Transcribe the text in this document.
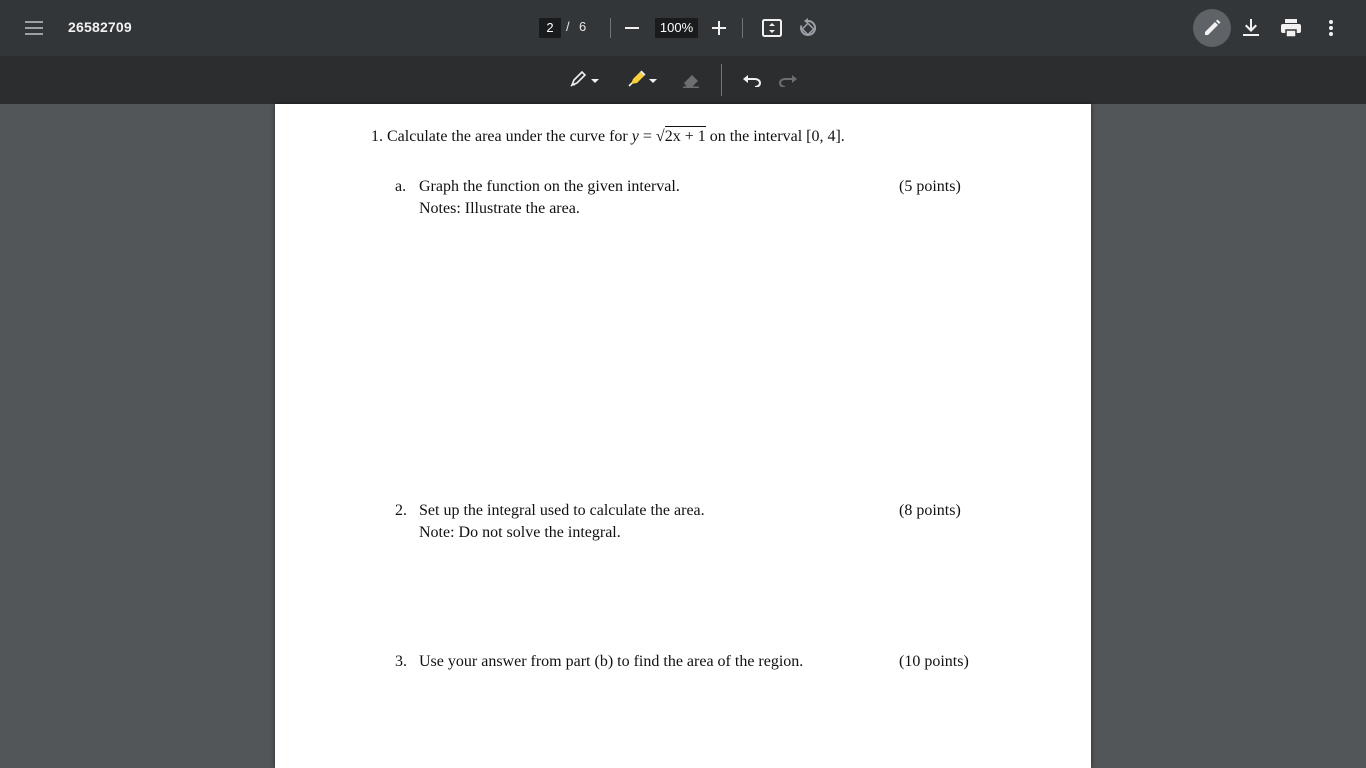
26582709	2 / 6	100%
1. Calculate the area under the curve for y = √2x + 1 on the interval [0, 4].
a. Graph the function on the given interval.	(5 points)
Notes: Illustrate the area.
2. Set up the integral used to calculate the area.	(8 points)
Note: Do not solve the integral.
3. Use your answer from part (b) to find the area of the region.	(10 points)
